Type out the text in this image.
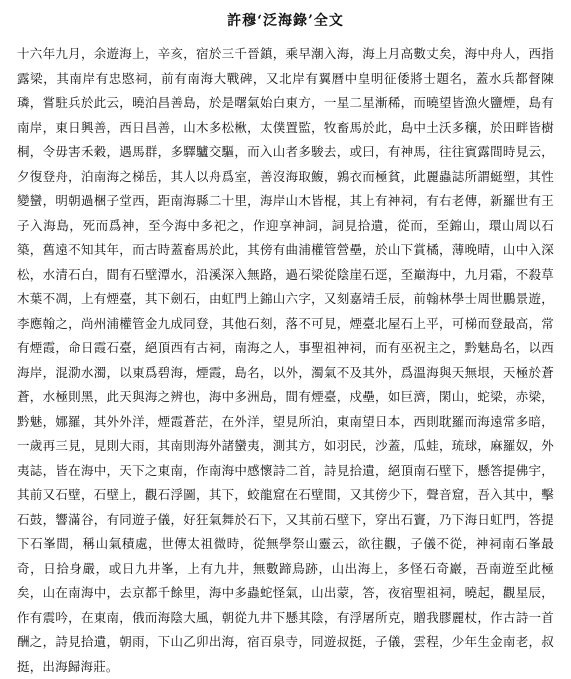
許穆‘泛海錄’全文

十六年九月，余遊海上，辛亥，宿於三千晉鎮，乘早潮入海，海上月高數丈矣，海中舟人，西指露梁，其南岸有忠愍祠，前有南海大戰碑，又北岸有翼曆中皇明征倭將士題名，蓋水兵都督陳璘，嘗駐兵於此云，曉泊昌善島，於是曙氣始白東方，一星二星漸稀，而曉望皆漁火鹽煙，島有南岸，東日興善，西日昌善，山木多松楸，太僕置監，牧畜馬於此，島中土沃多穰，於田畔皆樹桐，令毋害禾穀，遇馬群，多驛驢交驅，而入山者多駿去，或曰，有神馬，往往賓露間時見云，夕復登舟，泊南海之梯岳，其人以舟爲室，善沒海取鰒，鶉衣而極貧，此麗蟲誌所謂蜓塑，其性變蠻，明朝過梱子堂西，距南海縣二十里，海岸山木皆棍，其上有神祠，有右老傳，新羅世有王子入海島，死而爲神，至今海中多祀之，作迎享神詞，詞見拾遺，從而，至錦山，環山周以石築，舊遠不知其年，而古時蓋畜馬於此，其傍有曲浦權管營壘，於山下賞橘，薄晚晴，山中入深松，水清石白，間有石壁潭水，沿溪深入無路，過石梁從陰崖石逕，至巔海中，九月霜，不殺草木葉不凋，上有煙臺，其下劍石，由虹門上錦山六字，又刻嘉靖壬辰，前翰林學士周世鵬景遊，李應翰之，尚州浦權管金九成同登，其他石刻，落不可見，煙臺北屋石上平，可梯而登最高，常有煙霞，命日霞石臺，絕頂西有古祠，南海之人，事聖祖神祠，而有巫祝主之，黔魅島名，以西海岸，混泐水濁，以東爲碧海，煙霞，島名，以外，濁氣不及其外，爲溫海與天無垠，天極於蒼蒼，水極則黑，此天與海之辨也，海中多洲島，間有煙臺，戍壘，如巨濟，閑山，蛇梁，赤梁，黔魅，娜羅，其外外洋，煙霞蒼茫，在外洋，望見所泊，東南望日本，西則耽羅而海遠常多暗，一歲再三見，見則大雨，其南則海外諸蠻夷，測其方，如羽民，沙蓋，瓜蛙，琉球，麻羅奴，外夷誌，皆在海中，天下之東南，作南海中感懷詩二首，詩見拾遺，絕頂南石壁下，懸答提佛宇，其前又石壁，石壁上，觀石浮圖，其下，蛟龍窟在石壁間，又其傍少下，聲音窟，吾入其中，擊石鼓，響滿谷，有同遊子儀，好狂氣舞於石下，又其前石壁下，穿出石竇，乃下海日虹門，答提下石峯間，稱山氣積處，世傳太祖微時，從無學祭山靈云，欲往觀，子儀不從，神祠南石峯最奇，日拾身嚴，或日九井峯，上有九井，無數蹄鳥跡，山出海上，多怪石奇巖，吾南遊至此極矣，山在南海中，去京都千餘里，海中多蟲蛇怪氣，山出蒙，答，夜宿聖祖祠，曉起，觀星辰，作有震吟，在東南，俄而海陰大風，朝從九井下懸其陰，有浮屠所克，贈我膠麗杖，作古詩一首酬之，詩見拾遺，朝雨，下山乙卯出海，宿百泉寺，同遊叔挺，子儀，雲程，少年生金南老，叔挺，出海歸海莊。
